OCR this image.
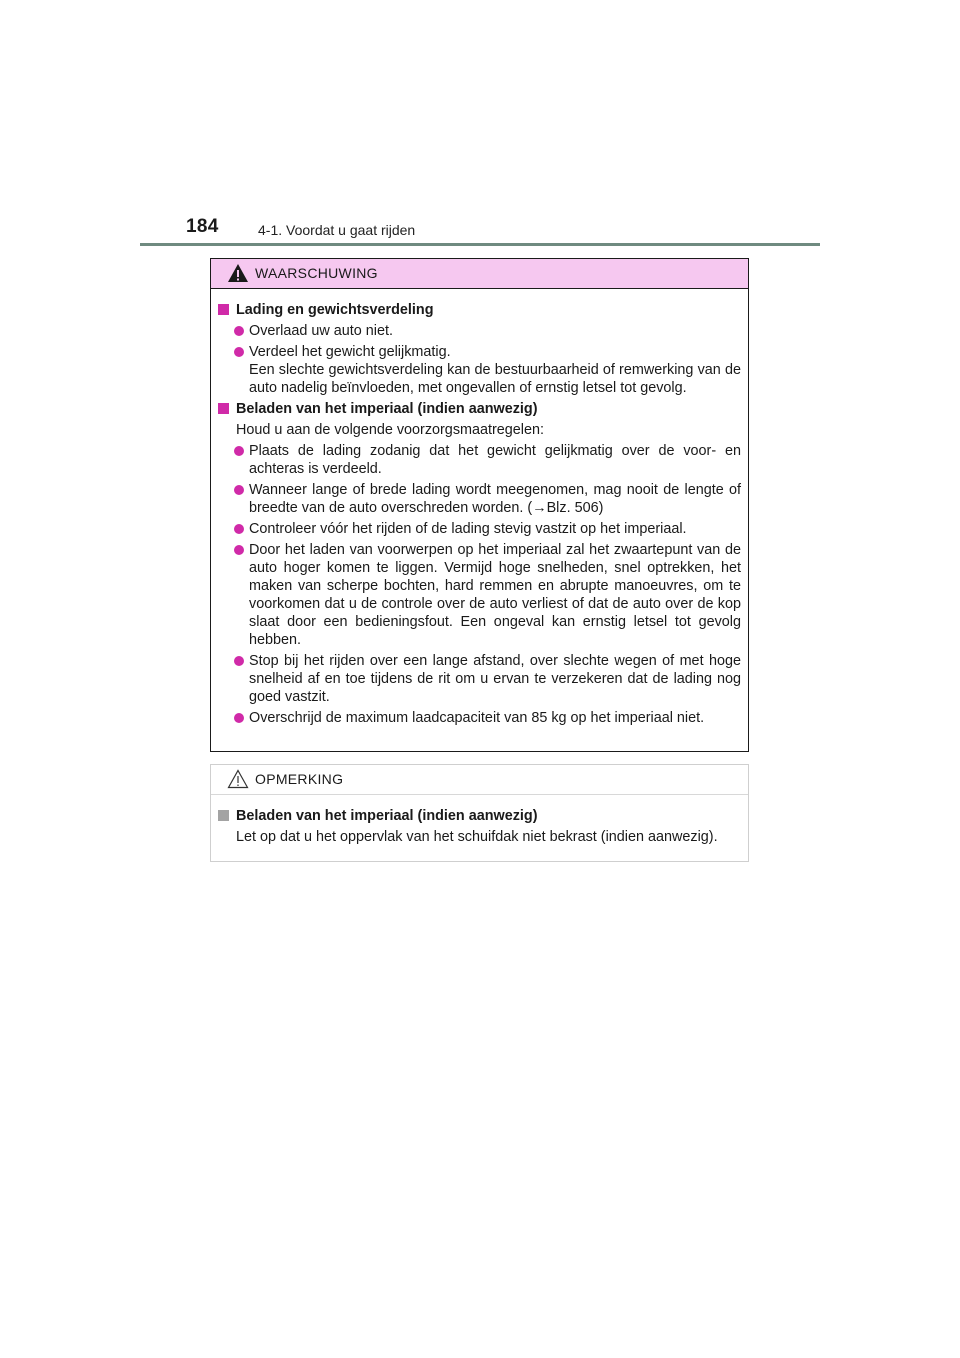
184	4-1. Voordat u gaat rijden
WAARSCHUWING
Lading en gewichtsverdeling
Overlaad uw auto niet.
Verdeel het gewicht gelijkmatig.
Een slechte gewichtsverdeling kan de bestuurbaarheid of remwerking van de auto nadelig beïnvloeden, met ongevallen of ernstig letsel tot gevolg.
Beladen van het imperiaal (indien aanwezig)
Houd u aan de volgende voorzorgsmaatregelen:
Plaats de lading zodanig dat het gewicht gelijkmatig over de voor- en achteras is verdeeld.
Wanneer lange of brede lading wordt meegenomen, mag nooit de lengte of breedte van de auto overschreden worden. (→Blz. 506)
Controleer vóór het rijden of de lading stevig vastzit op het imperiaal.
Door het laden van voorwerpen op het imperiaal zal het zwaartepunt van de auto hoger komen te liggen. Vermijd hoge snelheden, snel optrekken, het maken van scherpe bochten, hard remmen en abrupte manoeuvres, om te voorkomen dat u de controle over de auto verliest of dat de auto over de kop slaat door een bedieningsfout. Een ongeval kan ernstig letsel tot gevolg hebben.
Stop bij het rijden over een lange afstand, over slechte wegen of met hoge snelheid af en toe tijdens de rit om u ervan te verzekeren dat de lading nog goed vastzit.
Overschrijd de maximum laadcapaciteit van 85 kg op het imperiaal niet.
OPMERKING
Beladen van het imperiaal (indien aanwezig)
Let op dat u het oppervlak van het schuifdak niet bekrast (indien aanwezig).
